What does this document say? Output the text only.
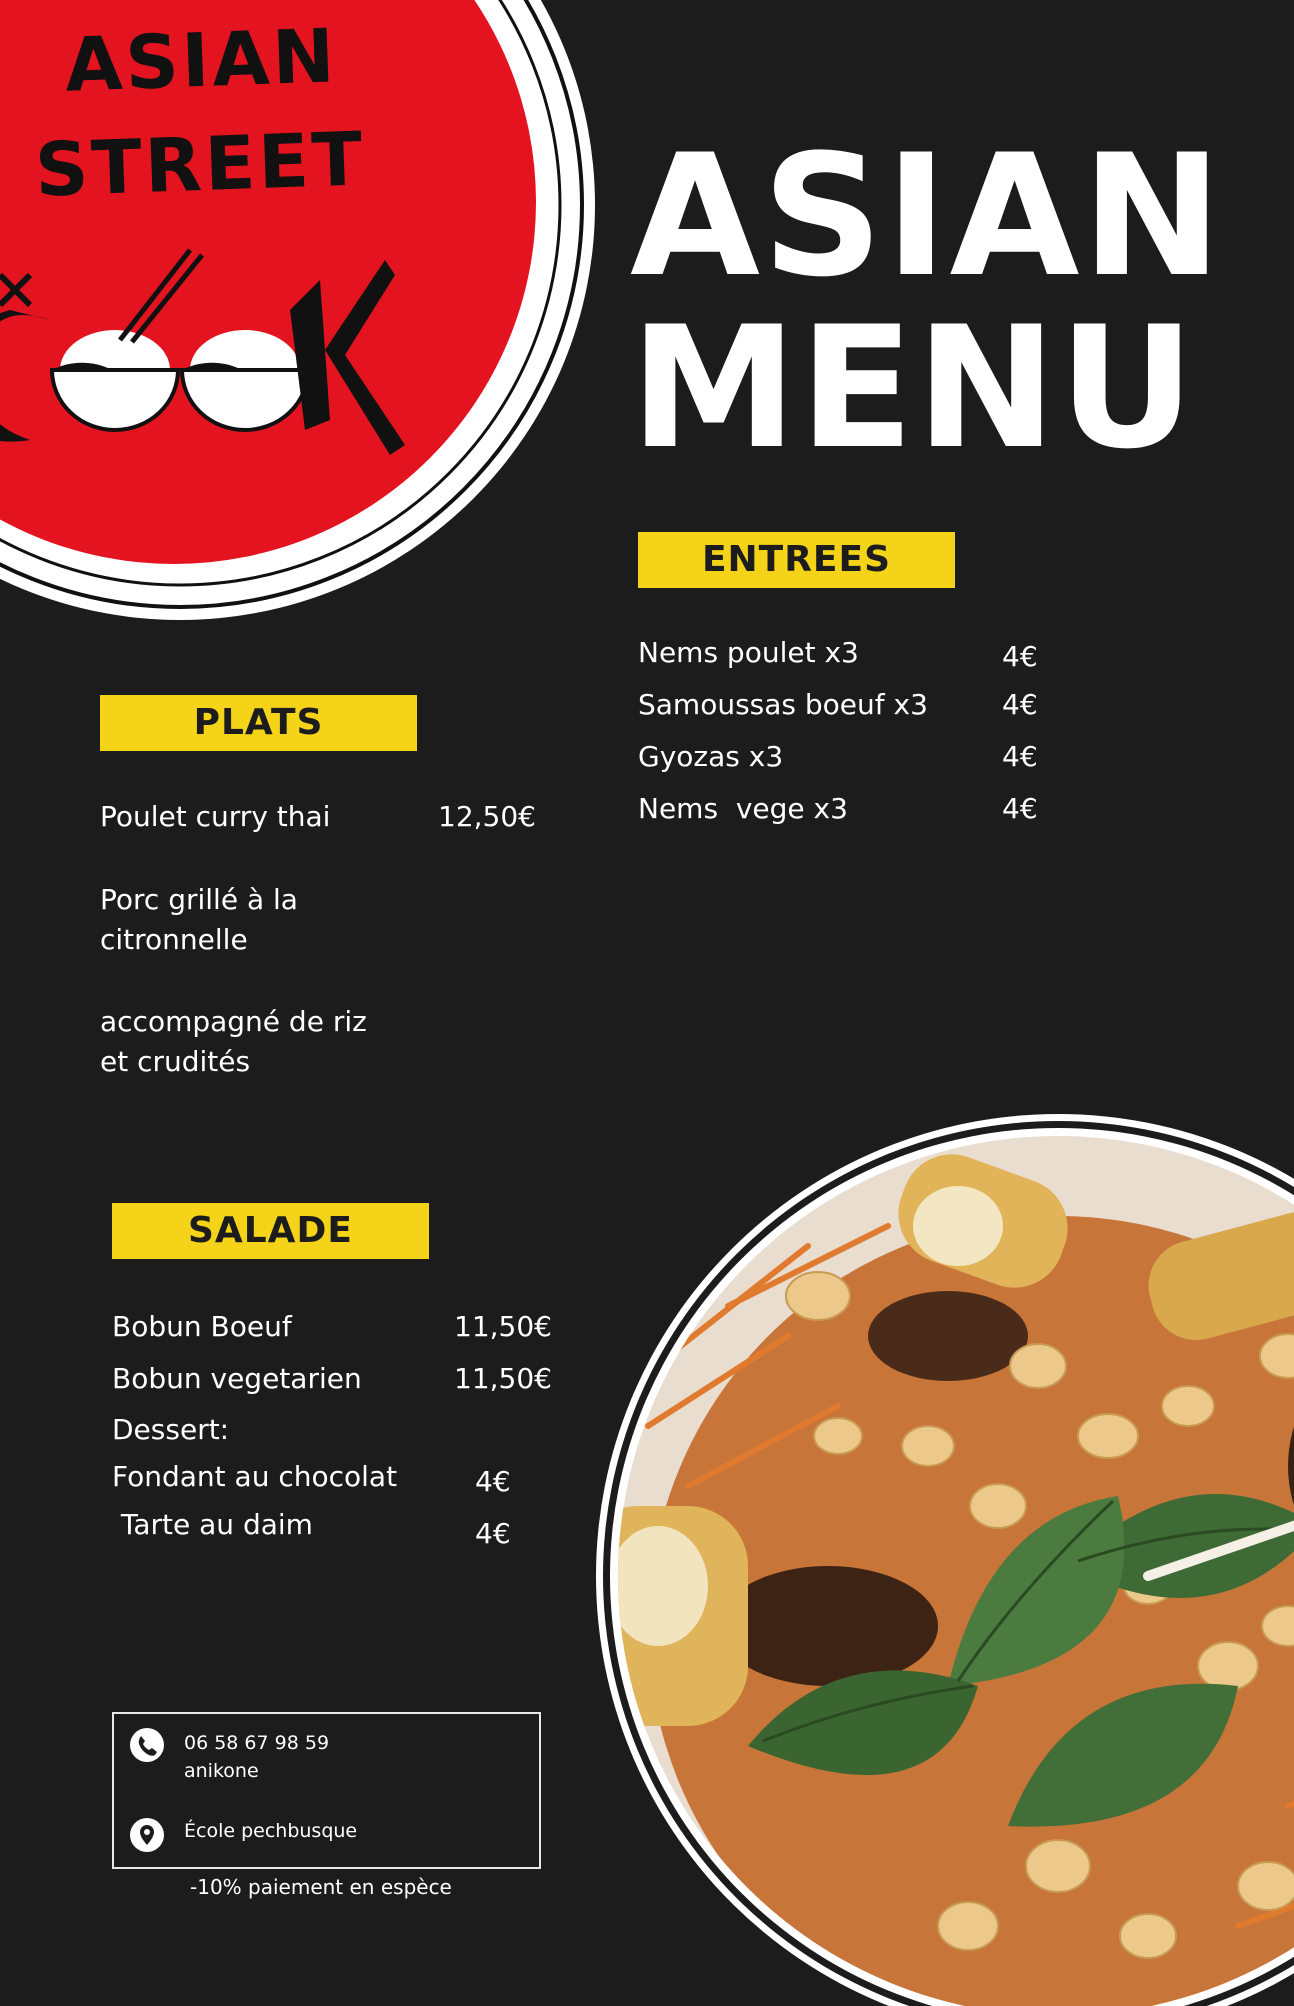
ASIAN
STREET ASIAN
MENU
ENTREES
Nems poulet x3	4€
Samoussas boeuf x3	4€
Gyozas x3	4€
Nems  vege x3	4€
PLATS
Poulet curry thai	12,50€
Porc grillé à la citronnelle
accompagné de riz et crudités
SALADE
Bobun Boeuf	11,50€
Bobun vegetarien	11,50€
Dessert:
Fondant au chocolat	4€
Tarte au daim	4€
06 58 67 98 59
anikone
École pechbusque
-10% paiement en espèce
